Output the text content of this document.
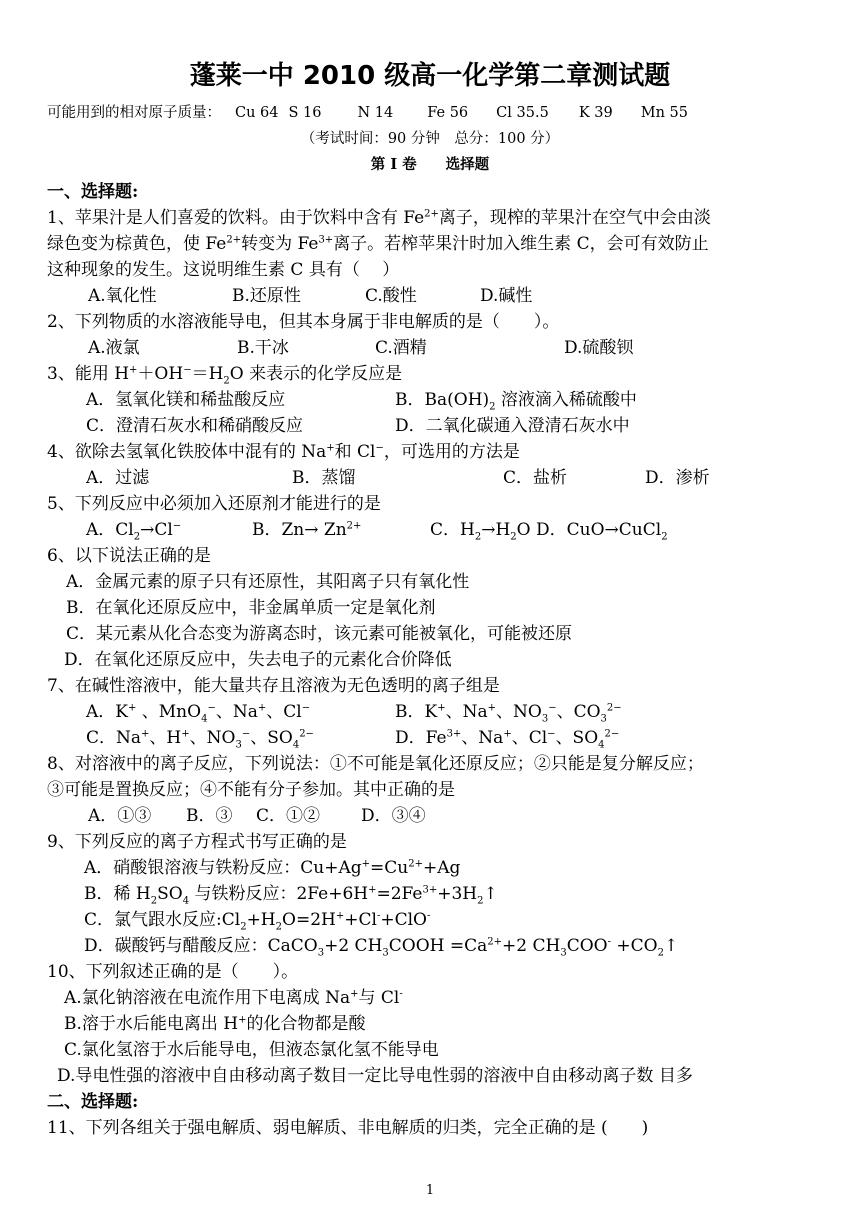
蓬莱一中 2010 级高一化学第二章测试题
可能用到的相对原子质量： Cu 64 S 16 N 14 Fe 56 Cl 35.5 K 39 Mn 55
（考试时间：90 分钟　总分：100 分）
第 I 卷　　选择题
一、选择题:
1、苹果汁是人们喜爱的饮料。由于饮料中含有 $Fe^{2+}$离子，现榨的苹果汁在空气中会由淡
绿色变为棕黄色，使 $Fe^{2+}$转变为 $Fe^{3+}$离子。若榨苹果汁时加入维生素 C，会可有效防止
这种现象的发生。这说明维生素 C 具有（　 ）
A.氧化性	B.还原性	C.酸性	D.碱性
2、下列物质的水溶液能导电，但其本身属于非电解质的是（　　）。
A.液氯	B.干冰	C.酒精	D.硫酸钡
3、能用 $H^++OH^-=H_2O$ 来表示的化学反应是
A．氢氧化镁和稀盐酸反应	B．$Ba(OH)_2$ 溶液滴入稀硫酸中
C．澄清石灰水和稀硝酸反应	D．二氧化碳通入澄清石灰水中
4、欲除去氢氧化铁胶体中混有的 Na+和 Cl−，可选用的方法是
A．过滤	B．蒸馏	C．盐析	D．渗析
5、下列反应中必须加入还原剂才能进行的是
A．$Cl_2\to Cl^-$	B．$Zn\to Zn^{2+}$	C．$H_2\to H_2O$ D．CuO→CuCl$_2$
6、以下说法正确的是
A．金属元素的原子只有还原性，其阳离子只有氧化性
B．在氧化还原反应中，非金属单质一定是氧化剂
C．某元素从化合态变为游离态时，该元素可能被氧化，可能被还原
D．在氧化还原反应中，失去电子的元素化合价降低
7、在碱性溶液中，能大量共存且溶液为无色透明的离子组是
A．K+ 、MnO$_4$−、Na+、Cl−	B．K+、Na+、$NO_3^-$、$CO_3^{2-}$
C．Na+、H+、$NO_3^-$、$SO_4^{2-}$	D．$Fe^{3+}$、Na+、Cl−、$SO_4^{2-}$
8、对溶液中的离子反应，下列说法：①不可能是氧化还原反应；②只能是复分解反应；
③可能是置换反应；④不能有分子参加。其中正确的是
A．①③ B．③ C．①② D．③④
9、下列反应的离子方程式书写正确的是
A．硝酸银溶液与铁粉反应：$Cu+Ag^+=Cu^{2+}+Ag$
B．稀 $H_2SO_4$ 与铁粉反应：$2Fe+6H^+=2Fe^{3+}+3H_2↑$
C．氯气跟水反应$:Cl_2+H_2O=2H^++Cl^-+ClO^-$
D．碳酸钙与醋酸反应：CaCO$_3$+2 $CH_3COOH =Ca^{2+}+2$ $CH_3COO^-$ $+CO_2↑$
10、下列叙述正确的是（　　）。
A.氯化钠溶液在电流作用下电离成 Na+与 Cl-
B.溶于水后能电离出 H+的化合物都是酸
C.氯化氢溶于水后能导电，但液态氯化氢不能导电
D.导电性强的溶液中自由移动离子数目一定比导电性弱的溶液中自由移动离子数 目多
二、选择题:
11、下列各组关于强电解质、弱电解质、非电解质的归类，完全正确的是 (　　)
1
